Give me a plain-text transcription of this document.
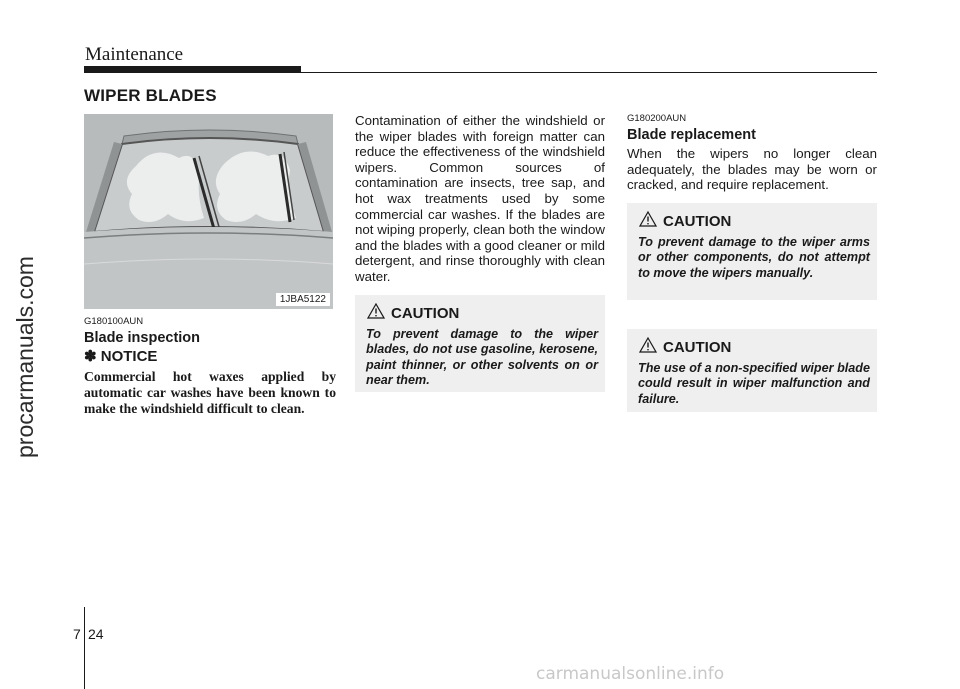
Maintenance
WIPER BLADES
procarmanuals.com	1JBA5122
G180100AUN
Blade inspection
✽ NOTICE
Commercial hot waxes applied by automatic car washes have been known to make the windshield difficult to clean.
Contamination of either the windshield or the wiper blades with foreign matter can reduce the effectiveness of the windshield wipers. Common sources of contamination are insects, tree sap, and hot wax treatments used by some commercial car washes. If the blades are not wiping properly, clean both the window and the blades with a good cleaner or mild detergent, and rinse thoroughly with clean water.
CAUTION
To prevent damage to the wiper blades, do not use gasoline, kerosene, paint thinner, or other solvents on or near them.
G180200AUN
Blade replacement
When the wipers no longer clean adequately, the blades may be worn or cracked, and require replacement.
CAUTION
To prevent damage to the wiper arms or other components, do not attempt to move the wipers manually.
CAUTION
The use of a non-specified wiper blade could result in wiper malfunction and failure.
7 24
carmanualsonline.info
